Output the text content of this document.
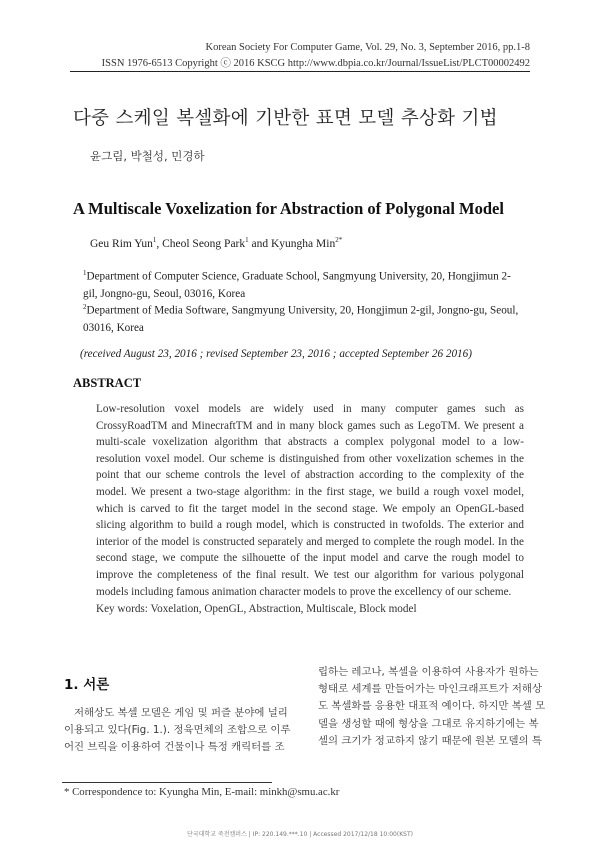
Korean Society For Computer Game, Vol. 29, No. 3, September 2016, pp.1-8
ISSN 1976-6513 Copyright ⓒ 2016 KSCG http://www.dbpia.co.kr/Journal/IssueList/PLCT00002492
다중 스케일 복셀화에 기반한 표면 모델 추상화 기법
윤그림, 박철성, 민경하
A Multiscale Voxelization for Abstraction of Polygonal Model
Geu Rim Yun$^1$, Cheol Seong Park$^1$ and Kyungha Min$^{2*}$
$^1$Department of Computer Science, Graduate School, Sangmyung University, 20, Hongjimun 2-gil, Jongno-gu, Seoul, 03016, Korea
$^2$Department of Media Software, Sangmyung University, 20, Hongjimun 2-gil, Jongno-gu, Seoul, 03016, Korea
(received August 23, 2016 ; revised September 23, 2016 ; accepted September 26 2016)
ABSTRACT
Low-resolution voxel models are widely used in many computer games such as CrossyRoadTM and MinecraftTM and in many block games such as LegoTM. We present a multi-scale voxelization algorithm that abstracts a complex polygonal model to a low-resolution voxel model. Our scheme is distinguished from other voxelization schemes in the point that our scheme controls the level of abstraction according to the complexity of the model. We present a two-stage algorithm: in the first stage, we build a rough voxel model, which is carved to fit the target model in the second stage. We empoly an OpenGL-based slicing algorithm to build a rough model, which is constructed in twofolds. The exterior and interior of the model is constructed separately and merged to complete the rough model. In the second stage, we compute the silhouette of the input model and carve the rough model to improve the completeness of the final result. We test our algorithm for various polygonal models including famous animation character models to prove the excellency of our scheme.
Key words: Voxelation, OpenGL, Abstraction, Multiscale, Block model
1. 서론
저해상도 복셀 모델은 게임 및 퍼즐 분야에 널리
이용되고 있다(Fig. 1.). 정육면체의 조합으로 이루
어진 브릭을 이용하여 건물이나 특정 캐릭터를 조
립하는 레고나, 복셀을 이용하여 사용자가 원하는
형태로 세계를 만들어가는 마인크래프트가 저해상
도 복셀화를 응용한 대표적 예이다. 하지만 복셀 모
델을 생성할 때에 형상을 그대로 유지하기에는 복
셀의 크기가 정교하지 않기 때문에 원본 모델의 특
* Correspondence to: Kyungha Min, E-mail: minkh@smu.ac.kr
단국대학교 죽전캠퍼스 | IP: 220.149.***.10 | Accessed 2017/12/18 10:00(KST)
